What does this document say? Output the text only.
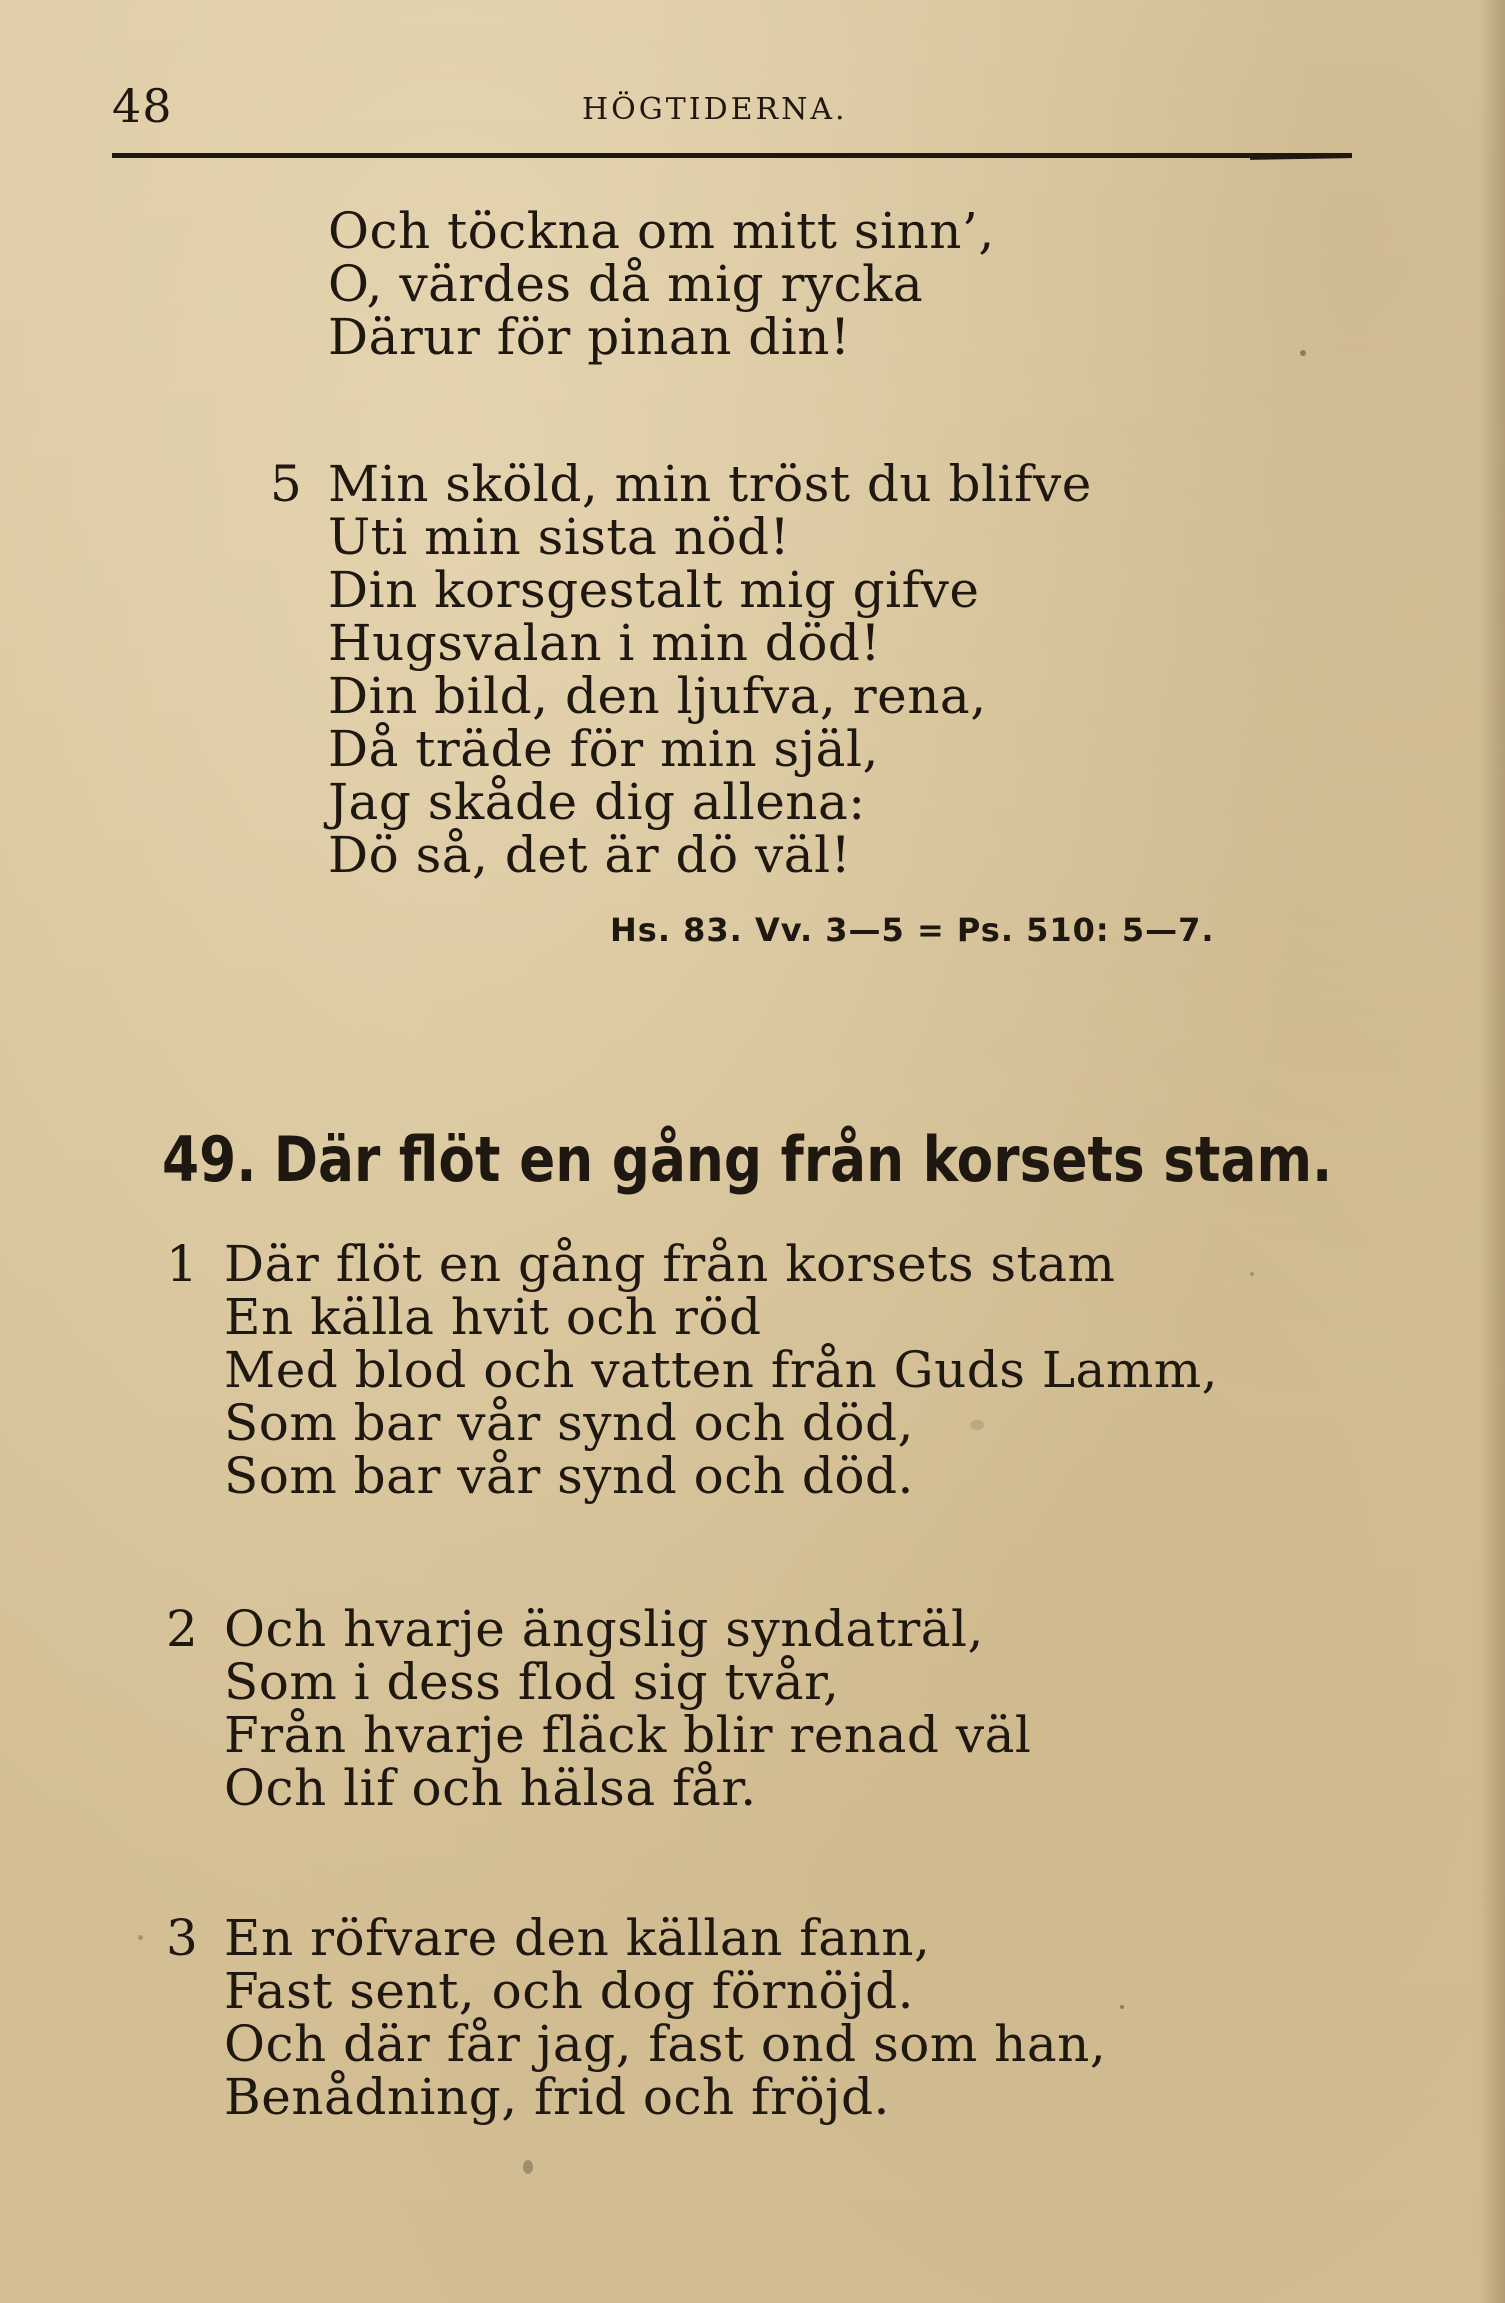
48	HÖGTIDERNA.
Och töckna om mitt sinn’,
O, värdes då mig rycka
Därur för pinan din!
5 Min sköld, min tröst du blifve
Uti min sista nöd!
Din korsgestalt mig gifve
Hugsvalan i min död!
Din bild, den ljufva, rena,
Då träde för min själ,
Jag skåde dig allena:
Dö så, det är dö väl!
Hs. 83. Vv. 3—5 = Ps. 510: 5—7.
49. Där flöt en gång från korsets stam.
1 Där flöt en gång från korsets stam
En källa hvit och röd
Med blod och vatten från Guds Lamm,
Som bar vår synd och död,
Som bar vår synd och död.
2 Och hvarje ängslig syndaträl,
Som i dess flod sig tvår,
Från hvarje fläck blir renad väl
Och lif och hälsa får.
3 En röfvare den källan fann,
Fast sent, och dog förnöjd.
Och där får jag, fast ond som han,
Benådning, frid och fröjd.
